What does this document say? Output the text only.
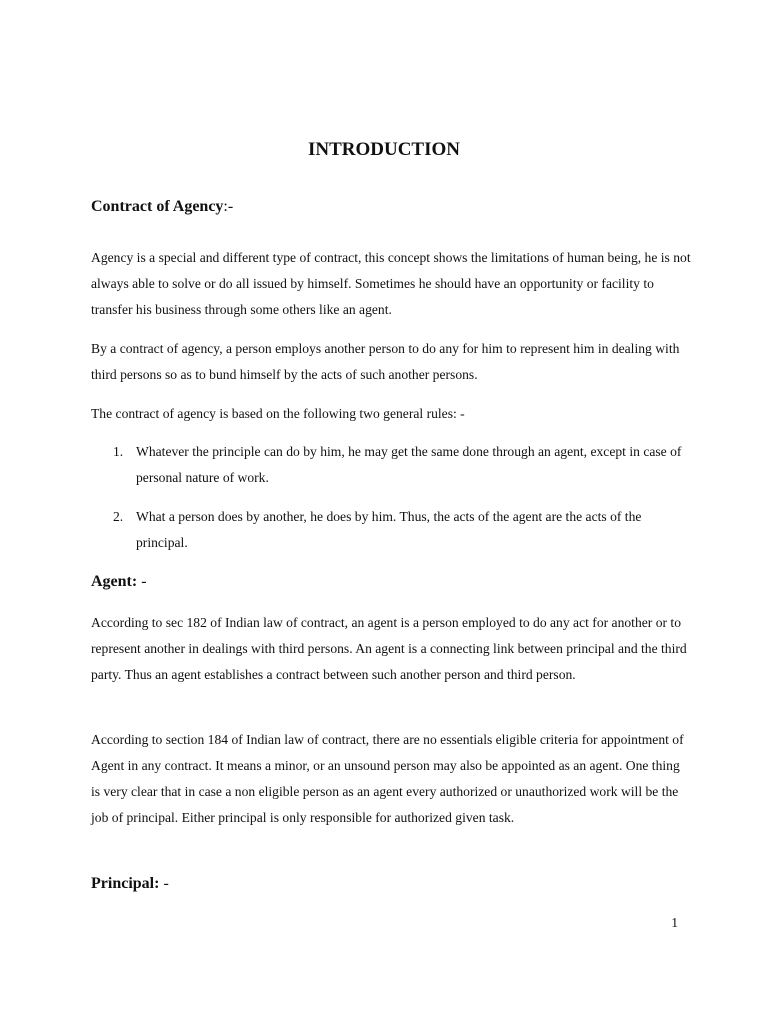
INTRODUCTION
Contract of Agency:-

Agency is a special and different type of contract, this concept shows the limitations of human being, he is not always able to solve or do all issued by himself. Sometimes he should have an opportunity or facility to transfer his business through some others like an agent.

By a contract of agency, a person employs another person to do any for him to represent him in dealing with third persons so as to bund himself by the acts of such another persons.

The contract of agency is based on the following two general rules: -

1. Whatever the principle can do by him, he may get the same done through an agent, except in case of personal nature of work.
2. What a person does by another, he does by him. Thus, the acts of the agent are the acts of the principal.
Agent: -

According to sec 182 of Indian law of contract, an agent is a person employed to do any act for another or to represent another in dealings with third persons. An agent is a connecting link between principal and the third party. Thus an agent establishes a contract between such another person and third person.

According to section 184 of Indian law of contract, there are no essentials eligible criteria for appointment of Agent in any contract. It means a minor, or an unsound person may also be appointed as an agent. One thing is very clear that in case a non eligible person as an agent every authorized or unauthorized work will be the job of principal. Either principal is only responsible for authorized given task.

Principal: -
1
